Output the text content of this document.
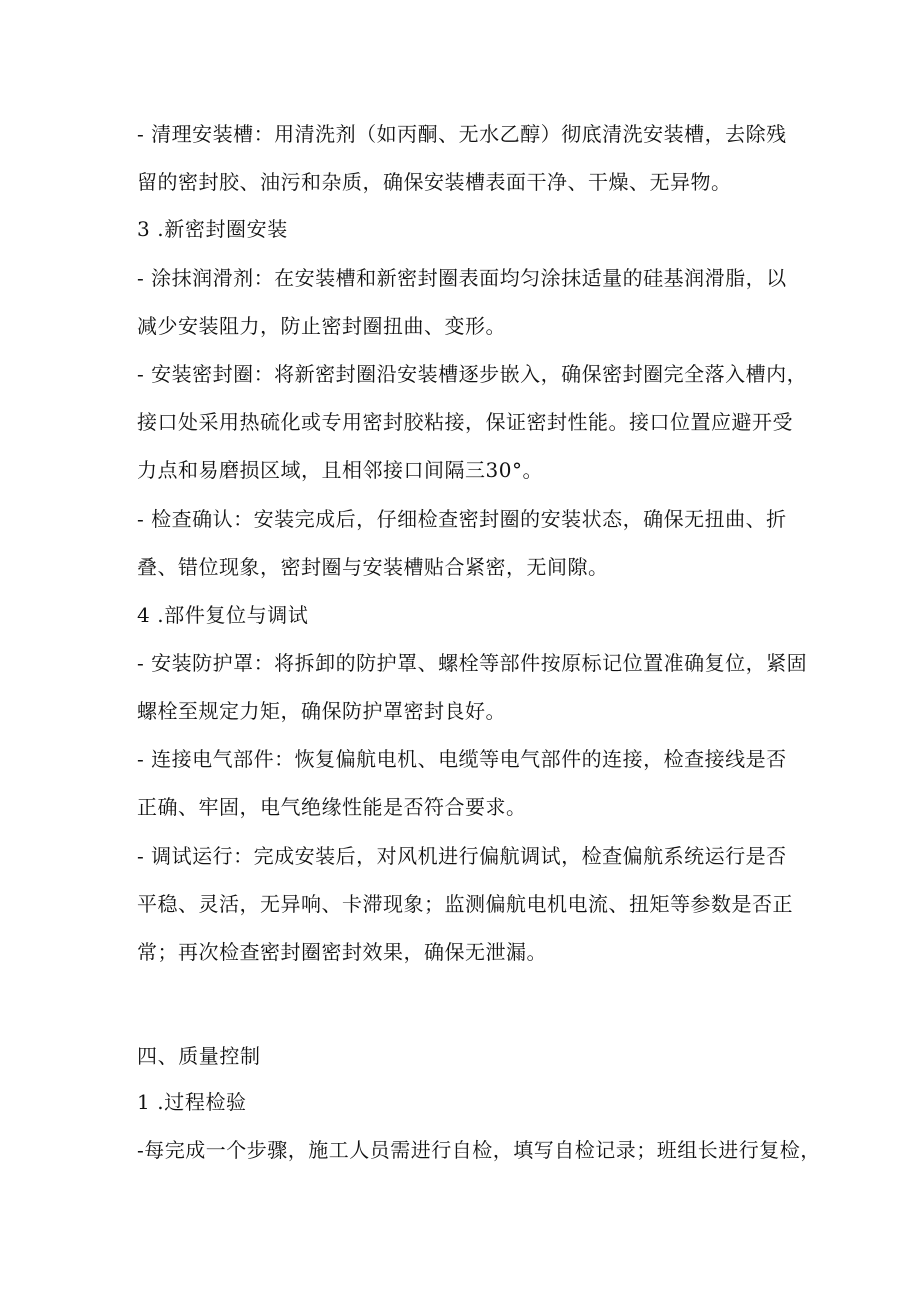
- 清理安装槽：用清洗剂（如丙酮、无水乙醇）彻底清洗安装槽，去除残
留的密封胶、油污和杂质，确保安装槽表面干净、干燥、无异物。
3 .新密封圈安装
- 涂抹润滑剂：在安装槽和新密封圈表面均匀涂抹适量的硅基润滑脂，以
减少安装阻力，防止密封圈扭曲、变形。
- 安装密封圈：将新密封圈沿安装槽逐步嵌入，确保密封圈完全落入槽内，
接口处采用热硫化或专用密封胶粘接，保证密封性能。接口位置应避开受
力点和易磨损区域，且相邻接口间隔三30°。
- 检查确认：安装完成后，仔细检查密封圈的安装状态，确保无扭曲、折
叠、错位现象，密封圈与安装槽贴合紧密，无间隙。
4 .部件复位与调试
- 安装防护罩：将拆卸的防护罩、螺栓等部件按原标记位置准确复位，紧固
螺栓至规定力矩，确保防护罩密封良好。
- 连接电气部件：恢复偏航电机、电缆等电气部件的连接，检查接线是否
正确、牢固，电气绝缘性能是否符合要求。
- 调试运行：完成安装后，对风机进行偏航调试，检查偏航系统运行是否
平稳、灵活，无异响、卡滞现象；监测偏航电机电流、扭矩等参数是否正
常；再次检查密封圈密封效果，确保无泄漏。
四、质量控制
1 .过程检验
-每完成一个步骤，施工人员需进行自检，填写自检记录；班组长进行复检，
